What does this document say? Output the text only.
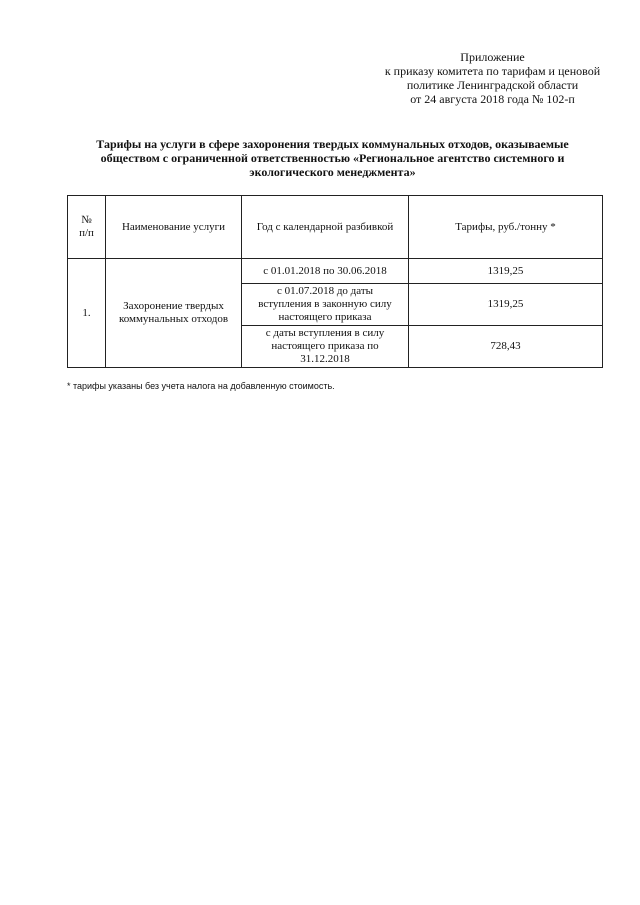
Приложение
к приказу комитета по тарифам и ценовой
политике Ленинградской области
от 24 августа 2018 года № 102-п
Тарифы на услуги в сфере захоронения твердых коммунальных отходов, оказываемые
обществом с ограниченной ответственностью «Региональное агентство системного и
экологического менеджмента»
№
п/п	Наименование услуги	Год с календарной разбивкой	Тарифы, руб./тонну *
1.	Захоронение твердых
коммунальных отходов	с 01.01.2018 по 30.06.2018	1319,25

		с 01.07.2018 до даты
вступления в законную силу
настоящего приказа	1319,25

		с даты вступления в силу
настоящего приказа по
31.12.2018	728,43
* тарифы указаны без учета налога на добавленную стоимость.
